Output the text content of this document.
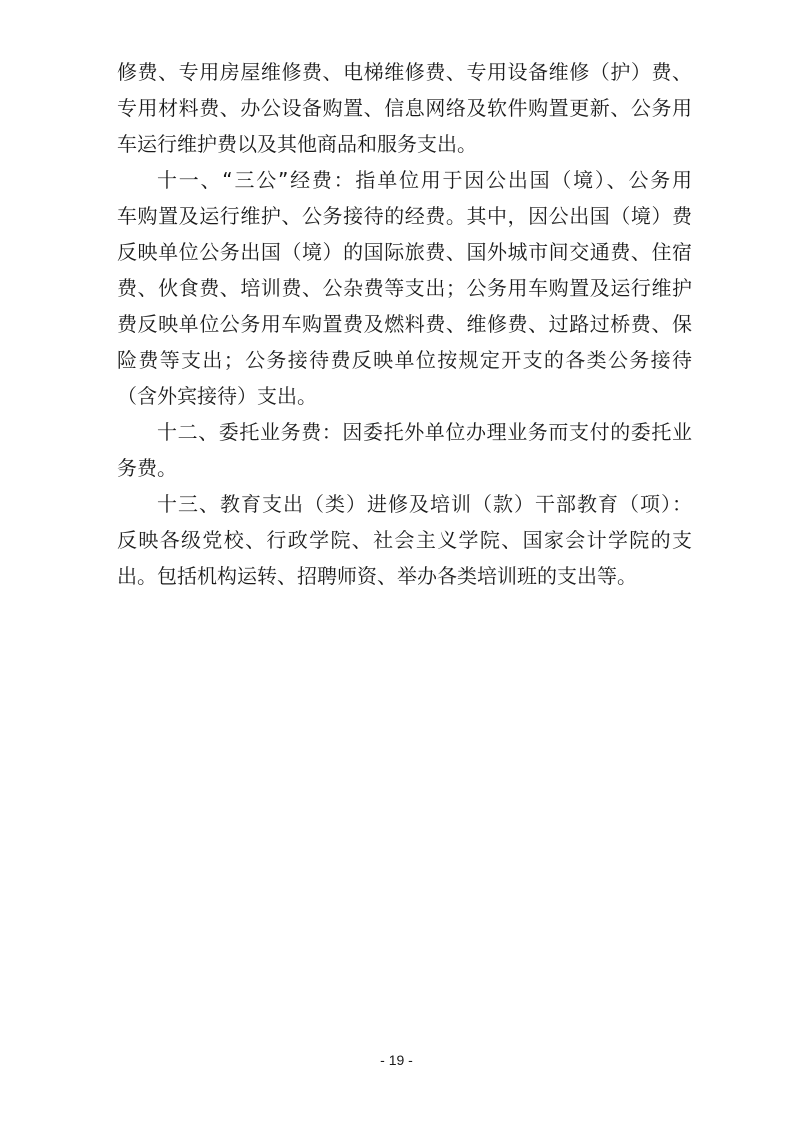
修费、专用房屋维修费、电梯维修费、专用设备维修（护）费、
专用材料费、办公设备购置、信息网络及软件购置更新、公务用
车运行维护费以及其他商品和服务支出。
十一、“三公”经费：指单位用于因公出国（境）、公务用
车购置及运行维护、公务接待的经费。其中，因公出国（境）费
反映单位公务出国（境）的国际旅费、国外城市间交通费、住宿
费、伙食费、培训费、公杂费等支出；公务用车购置及运行维护
费反映单位公务用车购置费及燃料费、维修费、过路过桥费、保
险费等支出；公务接待费反映单位按规定开支的各类公务接待
（含外宾接待）支出。
十二、委托业务费：因委托外单位办理业务而支付的委托业
务费。
十三、教育支出（类）进修及培训（款）干部教育（项）：
反映各级党校、行政学院、社会主义学院、国家会计学院的支
出。包括机构运转、招聘师资、举办各类培训班的支出等。
- 19 -
